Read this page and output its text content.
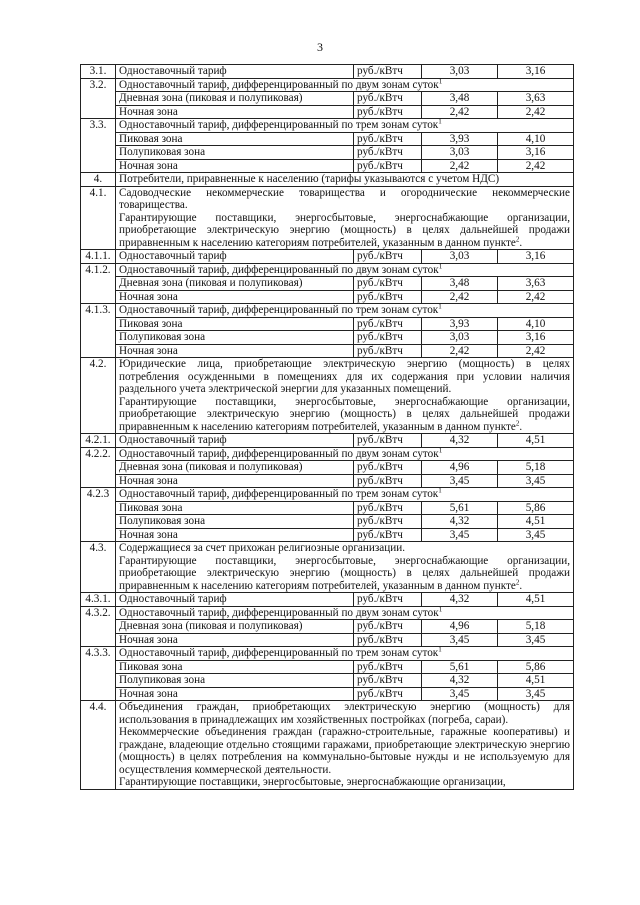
3
3.1.	Одноставочный тариф	руб./кВтч	3,03	3,16
3.2.	Одноставочный тариф, дифференцированный по двум зонам суток$^1$
	Дневная зона (пиковая и полупиковая)	руб./кВтч	3,48	3,63
	Ночная зона	руб./кВтч	2,42	2,42
3.3.	Одноставочный тариф, дифференцированный по трем зонам суток$^1$
	Пиковая зона	руб./кВтч	3,93	4,10
	Полупиковая зона	руб./кВтч	3,03	3,16
	Ночная зона	руб./кВтч	2,42	2,42
4.	Потребители, приравненные к населению (тарифы указываются с учетом НДС)			

4.1.	Садоводческие некоммерческие товарищества и огороднические некоммерческие товарищества.
Гарантирующие поставщики, энергосбытовые, энергоснабжающие организации, приобретающие электрическую энергию (мощность) в целях дальнейшей продажи приравненным к населению категориям потребителей, указанным в данном пункте$^2$.			

4.1.1.	Одноставочный тариф	руб./кВтч	3,03	3,16
4.1.2.	Одноставочный тариф, дифференцированный по двум зонам суток$^1$
	Дневная зона (пиковая и полупиковая)	руб./кВтч	3,48	3,63
	Ночная зона	руб./кВтч	2,42	2,42
4.1.3.	Одноставочный тариф, дифференцированный по трем зонам суток$^1$
	Пиковая зона	руб./кВтч	3,93	4,10
	Полупиковая зона	руб./кВтч	3,03	3,16
	Ночная зона	руб./кВтч	2,42	2,42
4.2.	Юридические лица, приобретающие электрическую энергию (мощность) в целях потребления осужденными в помещениях для их содержания при условии наличия раздельного учета электрической энергии для указанных помещений.
Гарантирующие поставщики, энергосбытовые, энергоснабжающие организации, приобретающие электрическую энергию (мощность) в целях дальнейшей продажи приравненным к населению категориям потребителей, указанным в данном пункте$^2$.			

4.2.1.	Одноставочный тариф	руб./кВтч	4,32	4,51
4.2.2.	Одноставочный тариф, дифференцированный по двум зонам суток$^1$
	Дневная зона (пиковая и полупиковая)	руб./кВтч	4,96	5,18
	Ночная зона	руб./кВтч	3,45	3,45
4.2.3	Одноставочный тариф, дифференцированный по трем зонам суток$^1$
	Пиковая зона	руб./кВтч	5,61	5,86
	Полупиковая зона	руб./кВтч	4,32	4,51
	Ночная зона	руб./кВтч	3,45	3,45
4.3.	Содержащиеся за счет прихожан религиозные организации.
Гарантирующие поставщики, энергосбытовые, энергоснабжающие организации, приобретающие электрическую энергию (мощность) в целях дальнейшей продажи приравненным к населению категориям потребителей, указанным в данном пункте$^2$.			

4.3.1.	Одноставочный тариф	руб./кВтч	4,32	4,51
4.3.2.	Одноставочный тариф, дифференцированный по двум зонам суток$^1$
	Дневная зона (пиковая и полупиковая)	руб./кВтч	4,96	5,18
	Ночная зона	руб./кВтч	3,45	3,45
4.3.3.	Одноставочный тариф, дифференцированный по трем зонам суток$^1$
	Пиковая зона	руб./кВтч	5,61	5,86
	Полупиковая зона	руб./кВтч	4,32	4,51
	Ночная зона	руб./кВтч	3,45	3,45
4.4.	Объединения граждан, приобретающих электрическую энергию (мощность) для использования в принадлежащих им хозяйственных постройках (погреба, сараи).
Некоммерческие объединения граждан (гаражно-строительные, гаражные кооперативы) и граждане, владеющие отдельно стоящими гаражами, приобретающие электрическую энергию (мощность) в целях потребления на коммунально-бытовые нужды и не используемую для осуществления коммерческой деятельности.
Гарантирующие поставщики, энергосбытовые, энергоснабжающие организации,			
